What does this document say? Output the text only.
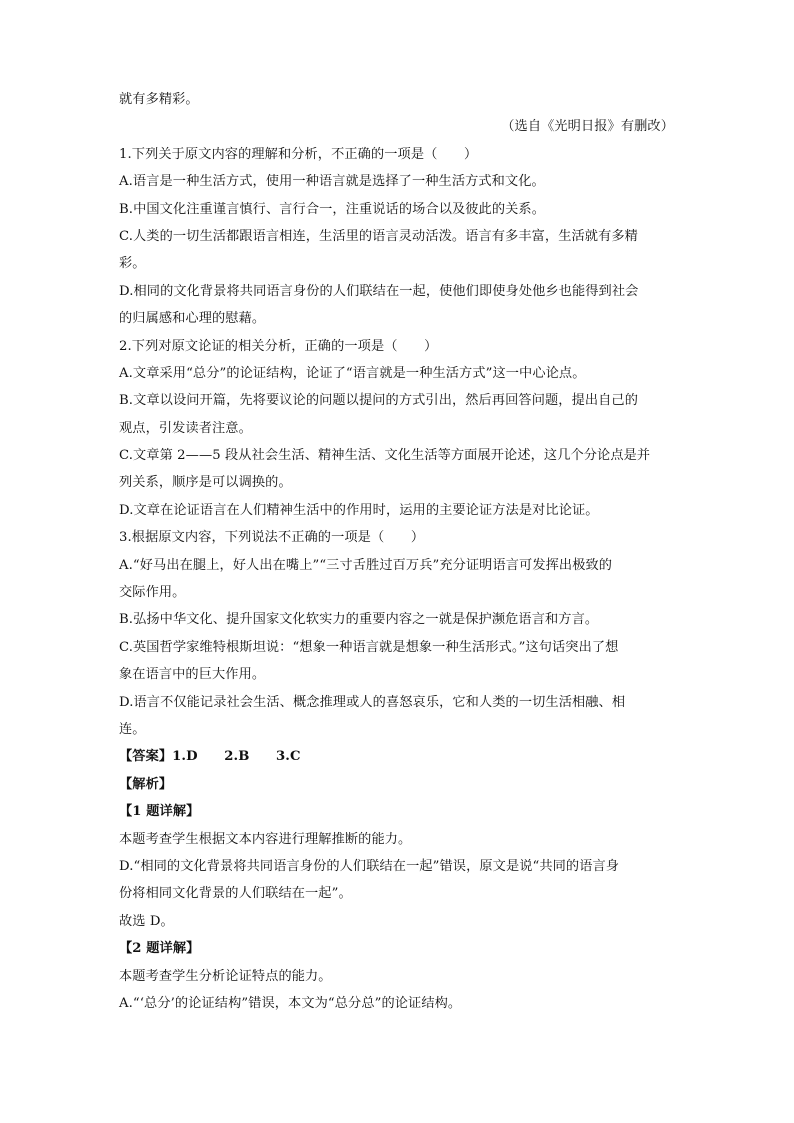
就有多精彩。
（选自《光明日报》有删改）
1.下列关于原文内容的理解和分析，不正确的一项是（　　）
A.语言是一种生活方式，使用一种语言就是选择了一种生活方式和文化。
B.中国文化注重谨言慎行、言行合一，注重说话的场合以及彼此的关系。
C.人类的一切生活都跟语言相连，生活里的语言灵动活泼。语言有多丰富，生活就有多精
彩。
D.相同的文化背景将共同语言身份的人们联结在一起，使他们即使身处他乡也能得到社会
的归属感和心理的慰藉。
2.下列对原文论证的相关分析，正确的一项是（　　）
A.文章采用“总分”的论证结构，论证了“语言就是一种生活方式”这一中心论点。
B.文章以设问开篇，先将要议论的问题以提问的方式引出，然后再回答问题，提出自己的
观点，引发读者注意。
C.文章第 2——5 段从社会生活、精神生活、文化生活等方面展开论述，这几个分论点是并
列关系，顺序是可以调换的。
D.文章在论证语言在人们精神生活中的作用时，运用的主要论证方法是对比论证。
3.根据原文内容，下列说法不正确的一项是（　　）
A.“好马出在腿上，好人出在嘴上”“三寸舌胜过百万兵”充分证明语言可发挥出极致的
交际作用。
B.弘扬中华文化、提升国家文化软实力的重要内容之一就是保护濒危语言和方言。
C.英国哲学家维特根斯坦说：“想象一种语言就是想象一种生活形式。”这句话突出了想
象在语言中的巨大作用。
D.语言不仅能记录社会生活、概念推理或人的喜怒哀乐，它和人类的一切生活相融、相
连。
【答案】1.D　　2.B　　3.C
【解析】
【1 题详解】
本题考查学生根据文本内容进行理解推断的能力。
D.“相同的文化背景将共同语言身份的人们联结在一起”错误，原文是说“共同的语言身
份将相同文化背景的人们联结在一起”。
故选 D。
【2 题详解】
本题考查学生分析论证特点的能力。
A.“‘总分’的论证结构”错误，本文为“总分总”的论证结构。
